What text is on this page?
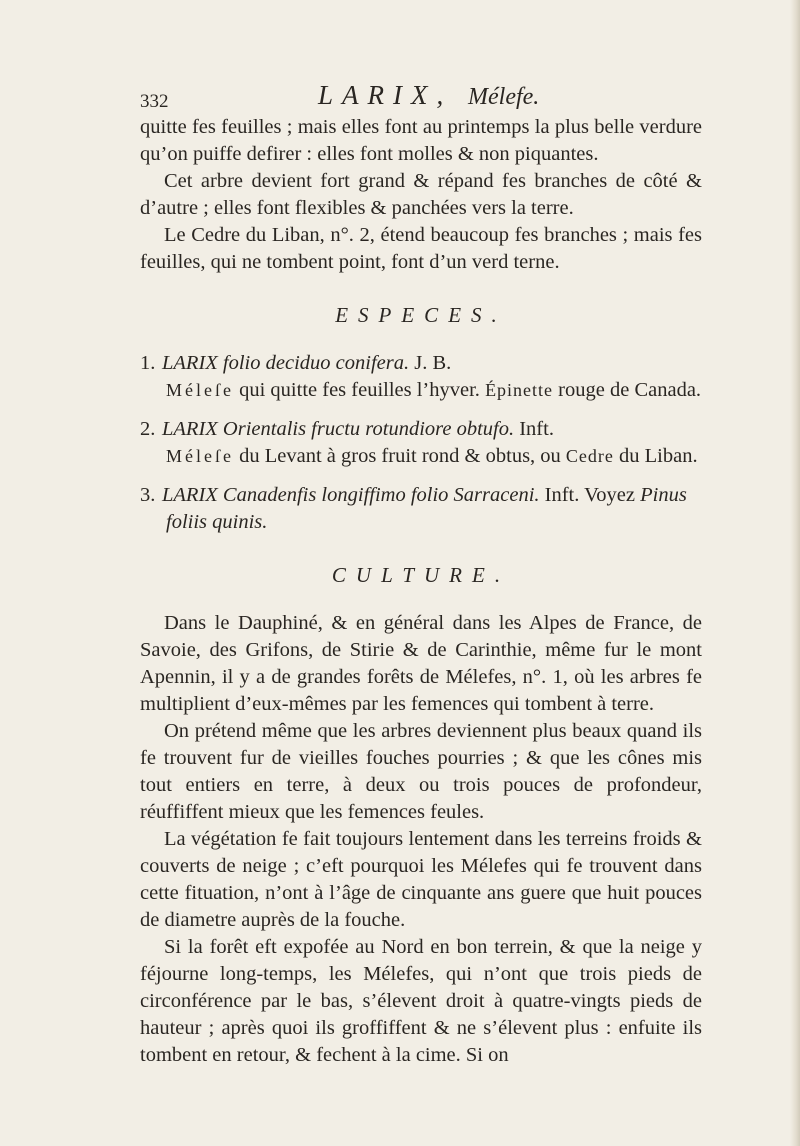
332	LARIX, Mélefe.

quitte fes feuilles ; mais elles font au printemps la plus belle verdure qu’on puiffe defirer : elles font molles & non piquantes.

Cet arbre devient fort grand & répand fes branches de côté & d’autre ; elles font flexibles & panchées vers la terre.

Le Cedre du Liban, n°. 2, étend beaucoup fes branches ; mais fes feuilles, qui ne tombent point, font d’un verd terne.

ESPECES.

1. LARIX folio deciduo conifera. J. B.
Méleſe qui quitte fes feuilles l’hyver. Épinette rouge de Canada.

2. LARIX Orientalis fructu rotundiore obtufo. Inft.
Méleſe du Levant à gros fruit rond & obtus, ou Cedre du Liban.

3. LARIX Canadenfis longiffimo folio Sarraceni. Inft. Voyez Pinus foliis quinis.

CULTURE.

Dans le Dauphiné, & en général dans les Alpes de France, de Savoie, des Grifons, de Stirie & de Carinthie, même fur le mont Apennin, il y a de grandes forêts de Mélefes, n°. 1, où les arbres fe multiplient d’eux-mêmes par les femences qui tombent à terre.

On prétend même que les arbres deviennent plus beaux quand ils fe trouvent fur de vieilles fouches pourries ; & que les cônes mis tout entiers en terre, à deux ou trois pouces de profondeur, réuffiffent mieux que les femences feules.

La végétation fe fait toujours lentement dans les terreins froids & couverts de neige ; c’eft pourquoi les Mélefes qui fe trouvent dans cette fituation, n’ont à l’âge de cinquante ans guere que huit pouces de diametre auprès de la fouche.

Si la forêt eft expofée au Nord en bon terrein, & que la neige y féjourne long-temps, les Mélefes, qui n’ont que trois pieds de circonférence par le bas, s’élevent droit à quatre-vingts pieds de hauteur ; après quoi ils groffiffent & ne s’élevent plus : enfuite ils tombent en retour, & fechent à la cime. Si on
